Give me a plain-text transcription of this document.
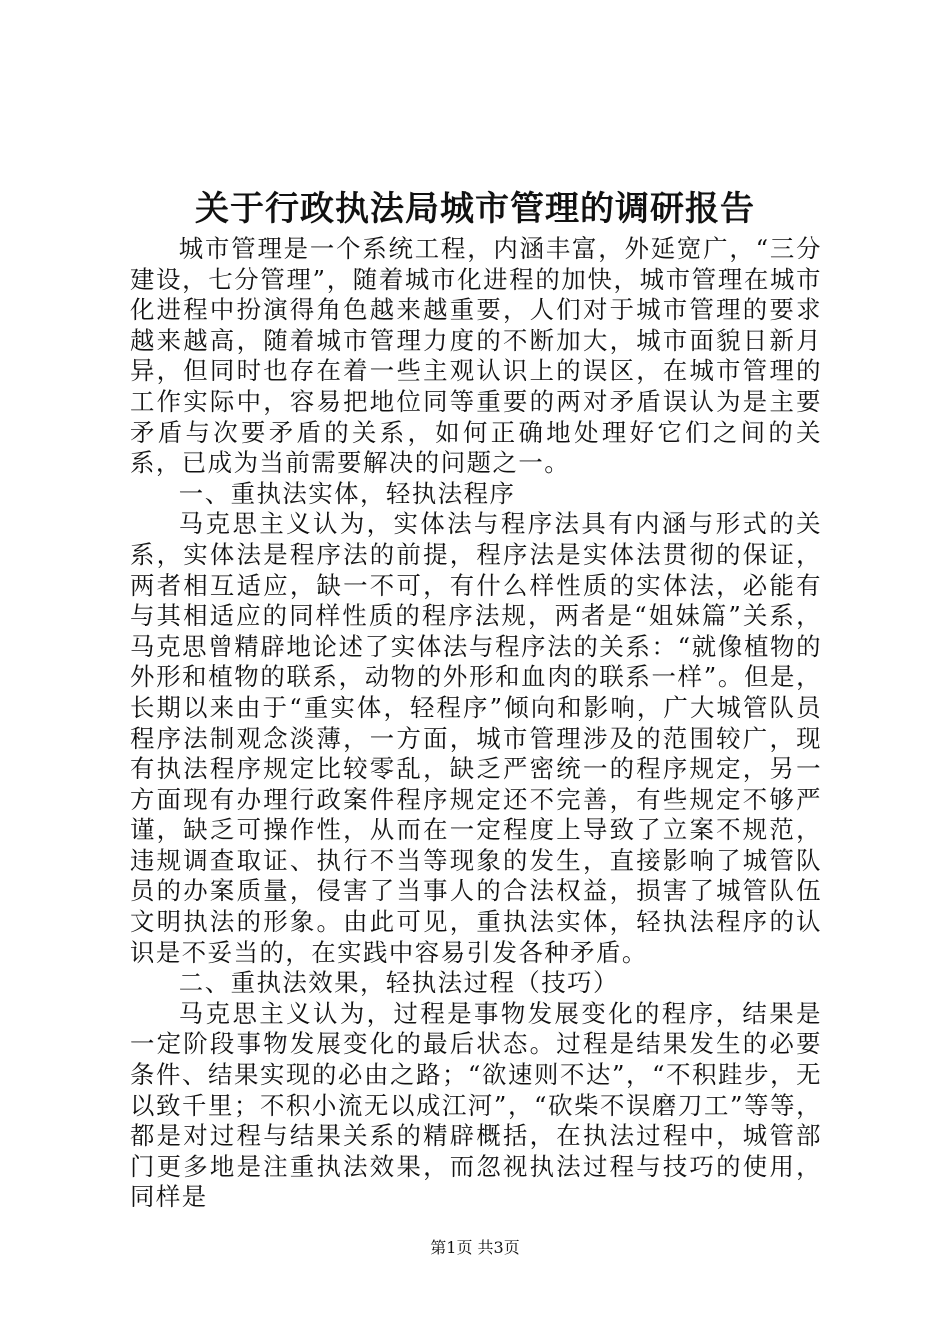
关于行政执法局城市管理的调研报告

城市管理是一个系统工程，内涵丰富，外延宽广，“三分建设，七分管理”，随着城市化进程的加快，城市管理在城市化进程中扮演得角色越来越重要，人们对于城市管理的要求越来越高，随着城市管理力度的不断加大，城市面貌日新月异，但同时也存在着一些主观认识上的误区，在城市管理的工作实际中，容易把地位同等重要的两对矛盾误认为是主要矛盾与次要矛盾的关系，如何正确地处理好它们之间的关系，已成为当前需要解决的问题之一。

一、重执法实体，轻执法程序

马克思主义认为，实体法与程序法具有内涵与形式的关系，实体法是程序法的前提，程序法是实体法贯彻的保证，两者相互适应，缺一不可，有什么样性质的实体法，必能有与其相适应的同样性质的程序法规，两者是“姐妹篇”关系，马克思曾精辟地论述了实体法与程序法的关系：“就像植物的外形和植物的联系，动物的外形和血肉的联系一样”。但是，长期以来由于“重实体，轻程序”倾向和影响，广大城管队员程序法制观念淡薄，一方面，城市管理涉及的范围较广，现有执法程序规定比较零乱，缺乏严密统一的程序规定，另一方面现有办理行政案件程序规定还不完善，有些规定不够严谨，缺乏可操作性，从而在一定程度上导致了立案不规范，违规调查取证、执行不当等现象的发生，直接影响了城管队员的办案质量，侵害了当事人的合法权益，损害了城管队伍文明执法的形象。由此可见，重执法实体，轻执法程序的认识是不妥当的，在实践中容易引发各种矛盾。

二、重执法效果，轻执法过程（技巧）

马克思主义认为，过程是事物发展变化的程序，结果是一定阶段事物发展变化的最后状态。过程是结果发生的必要条件、结果实现的必由之路；“欲速则不达”，“不积跬步，无以致千里；不积小流无以成江河”，“砍柴不误磨刀工”等等，都是对过程与结果关系的精辟概括，在执法过程中，城管部门更多地是注重执法效果，而忽视执法过程与技巧的使用，同样是

第1页 共3页
